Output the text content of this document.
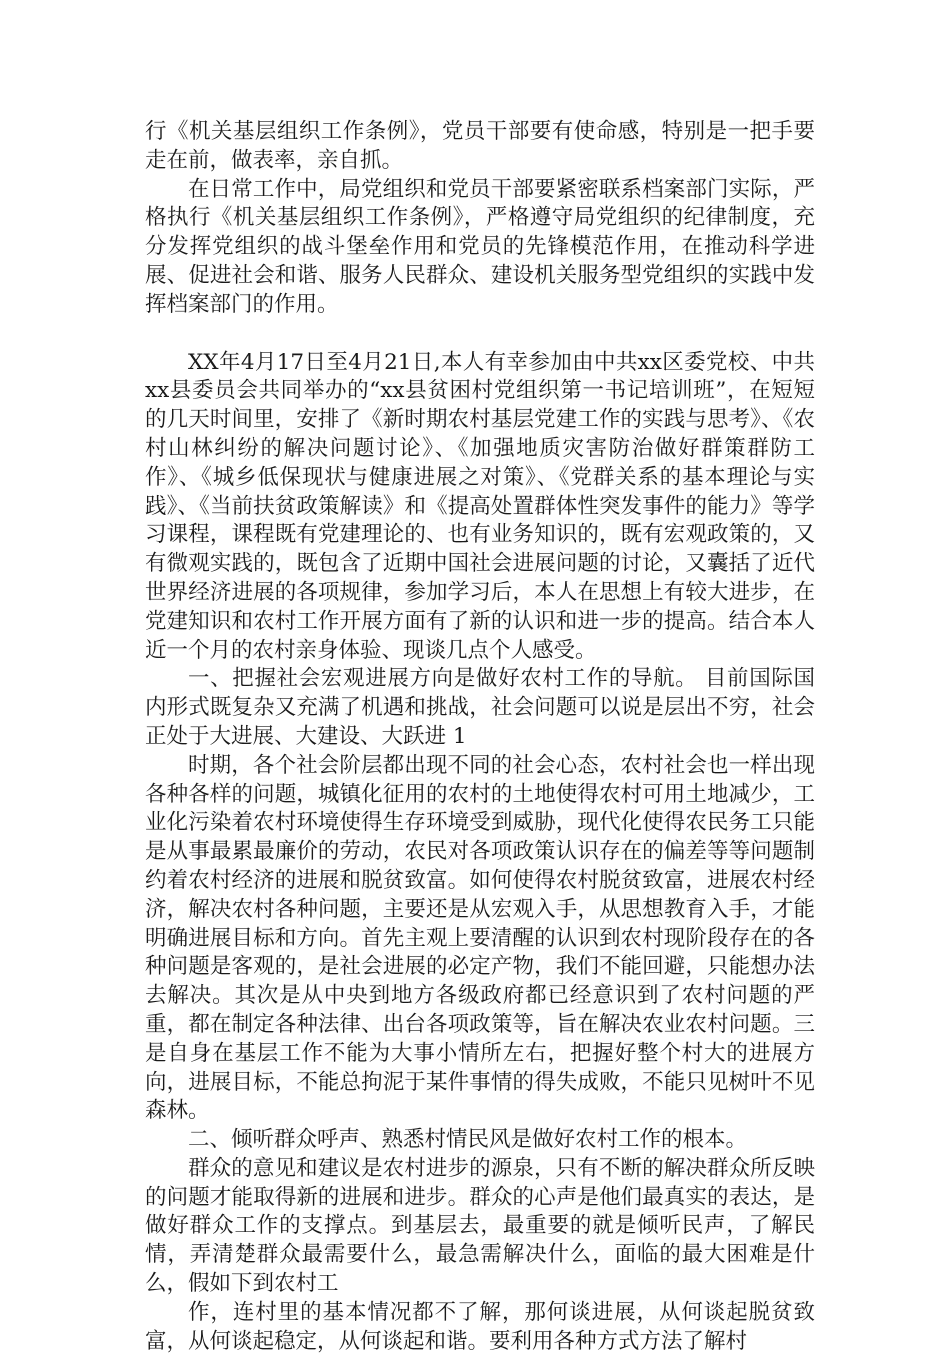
行《机关基层组织工作条例》，党员干部要有使命感，特别是一把手要走在前，做表率，亲自抓。

在日常工作中，局党组织和党员干部要紧密联系档案部门实际，严格执行《机关基层组织工作条例》，严格遵守局党组织的纪律制度，充分发挥党组织的战斗堡垒作用和党员的先锋模范作用，在推动科学进展、促进社会和谐、服务人民群众、建设机关服务型党组织的实践中发挥档案部门的作用。

XX年4月17日至4月21日,本人有幸参加由中共xx区委党校、中共xx县委员会共同举办的“xx县贫困村党组织第一书记培训班”，在短短的几天时间里，安排了《新时期农村基层党建工作的实践与思考》、《农村山林纠纷的解决问题讨论》、《加强地质灾害防治做好群策群防工作》、《城乡低保现状与健康进展之对策》、《党群关系的基本理论与实践》、《当前扶贫政策解读》和《提高处置群体性突发事件的能力》等学习课程，课程既有党建理论的、也有业务知识的，既有宏观政策的，又有微观实践的，既包含了近期中国社会进展问题的讨论，又囊括了近代世界经济进展的各项规律，参加学习后，本人在思想上有较大进步，在党建知识和农村工作开展方面有了新的认识和进一步的提高。结合本人近一个月的农村亲身体验、现谈几点个人感受。

一、把握社会宏观进展方向是做好农村工作的导航。 目前国际国内形式既复杂又充满了机遇和挑战，社会问题可以说是层出不穷，社会正处于大进展、大建设、大跃进 1

时期，各个社会阶层都出现不同的社会心态，农村社会也一样出现各种各样的问题，城镇化征用的农村的土地使得农村可用土地减少，工业化污染着农村环境使得生存环境受到威胁，现代化使得农民务工只能是从事最累最廉价的劳动，农民对各项政策认识存在的偏差等等问题制约着农村经济的进展和脱贫致富。如何使得农村脱贫致富，进展农村经济，解决农村各种问题，主要还是从宏观入手，从思想教育入手，才能明确进展目标和方向。首先主观上要清醒的认识到农村现阶段存在的各种问题是客观的，是社会进展的必定产物，我们不能回避，只能想办法去解决。其次是从中央到地方各级政府都已经意识到了农村问题的严重，都在制定各种法律、出台各项政策等，旨在解决农业农村问题。三是自身在基层工作不能为大事小情所左右，把握好整个村大的进展方向，进展目标，不能总拘泥于某件事情的得失成败，不能只见树叶不见森林。

二、倾听群众呼声、熟悉村情民风是做好农村工作的根本。

群众的意见和建议是农村进步的源泉，只有不断的解决群众所反映的问题才能取得新的进展和进步。群众的心声是他们最真实的表达，是做好群众工作的支撑点。到基层去，最重要的就是倾听民声，了解民情，弄清楚群众最需要什么，最急需解决什么，面临的最大困难是什么，假如下到农村工

作，连村里的基本情况都不了解，那何谈进展，从何谈起脱贫致富，从何谈起稳定，从何谈起和谐。要利用各种方式方法了解村
